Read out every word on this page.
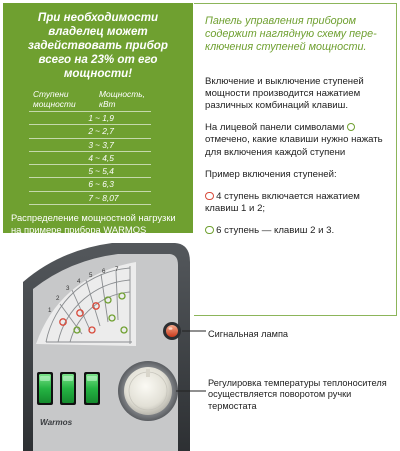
При необходимости владелец может задействовать прибор всего на 23% от его мощности!
Ступени мощности	Мощность, кВт
1	~ 1,9
2	~ 2,7
3	~ 3,7
4	~ 4,5
5	~ 5,4
6	~ 6,3
7	~ 8,07
Распределение мощностной нагрузки на примере прибора WARMOS мощностью 8 кВт
Панель управления прибором содержит наглядную схему пере-ключения ступеней мощности.

Включение и выключение ступеней мощности производится нажатием различных комбинаций клавиш.

На лицевой панели символами  отмечено, какие клавиши нужно нажать для включения каждой ступени

Пример включения ступеней:

4 ступень включается нажатием клавиш 1 и 2;

6 ступень — клавиш 2 и 3.

1
2
3
4
5
6 7
Warmos
Сигнальная лампа
Регулировка температуры теплоносителя осуществляется поворотом ручки термостата
